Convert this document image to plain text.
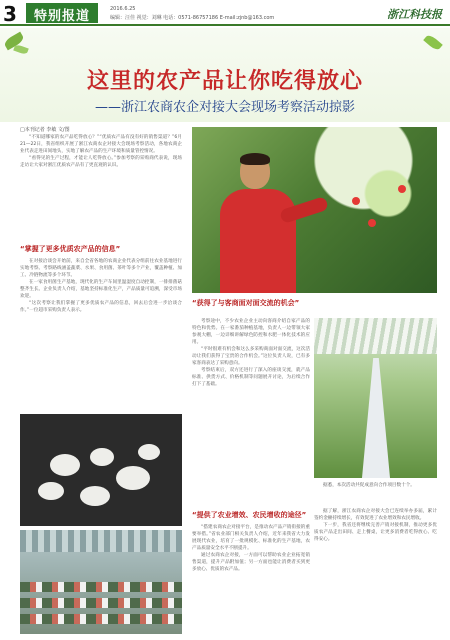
3 特别报道	2016.6.25
编辑：汪佳 视觉：刘琳 电话：0571-86757186 E-mail:zjnb@163.com	浙江科技报
这里的农产品让你吃得放心
——浙江农商农企对接大会现场考察活动掠影
□本刊记者 李敏 文/图

“不知道哪家的农产品吃得放心？”“优质农产品有没有好的销售渠道？”6月21—22日，我省组织开展了浙江农商农企对接大会现场考察活动，各地农商企业代表走进田间地头，实地了解农产品的生产环境和质量管控情况。

“看得见的生产过程，才能让人吃得放心。”参加考察的采购商代表说，现场走访让大家对浙江优质农产品有了更直观的认识。

“掌握了更多优质农产品的信息”

在对接洽谈会开始前，来自全省各地的农商企业代表分组前往农业基地进行实地考察。考察路线涵盖蔬菜、水果、食用菌、茶叶等多个产业，覆盖种植、加工、冷链物流等多个环节。

在一家食用菌生产基地，现代化的生产车间里温湿度自动控制，一排排菌菇整齐生长。企业负责人介绍，基地坚持标准化生产，产品质量可追溯，深受市场欢迎。

“这次考察让我们掌握了更多优质农产品的信息，回去后会进一步洽谈合作。”一位超市采购负责人表示。

“获得了与客商面对面交流的机会”

考察途中，不少农业企业主动向客商介绍自家产品的特色和优势。在一家番茄种植基地，负责人一边带领大家参观大棚，一边详细讲解绿色防控和水肥一体化技术的应用。

“平时很难有机会和这么多采购商面对面交流，这次活动让我们获得了宝贵的合作机会。”这位负责人说，已有多家客商表达了采购意向。

考察结束后，双方还进行了深入的座谈交流，就产品标准、供货方式、价格机制等问题展开讨论，为后续合作打下了基础。

据悉，本次活动共促成意向合作项目数十个。

“提供了农业增效、农民增收的途径”

“搭建农商农企对接平台，是推动农产品产销衔接的重要举措。”省农业部门相关负责人介绍，近年来我省大力发展现代农业，培育了一批规模化、标准化的生产基地，农产品质量安全水平不断提升。

通过农商农企对接，一方面可以帮助农业企业拓宽销售渠道，提升产品附加值；另一方面也能让消费者买到更多放心、优质的农产品。

据了解，浙江农商农企对接大会已连续举办多届，累计签约金额持续增长，有效促进了农业增效和农民增收。

下一步，我省还将继续完善产销对接机制，推动更多优质农产品走出田间、走上餐桌，让更多消费者吃得放心、吃得安心。
